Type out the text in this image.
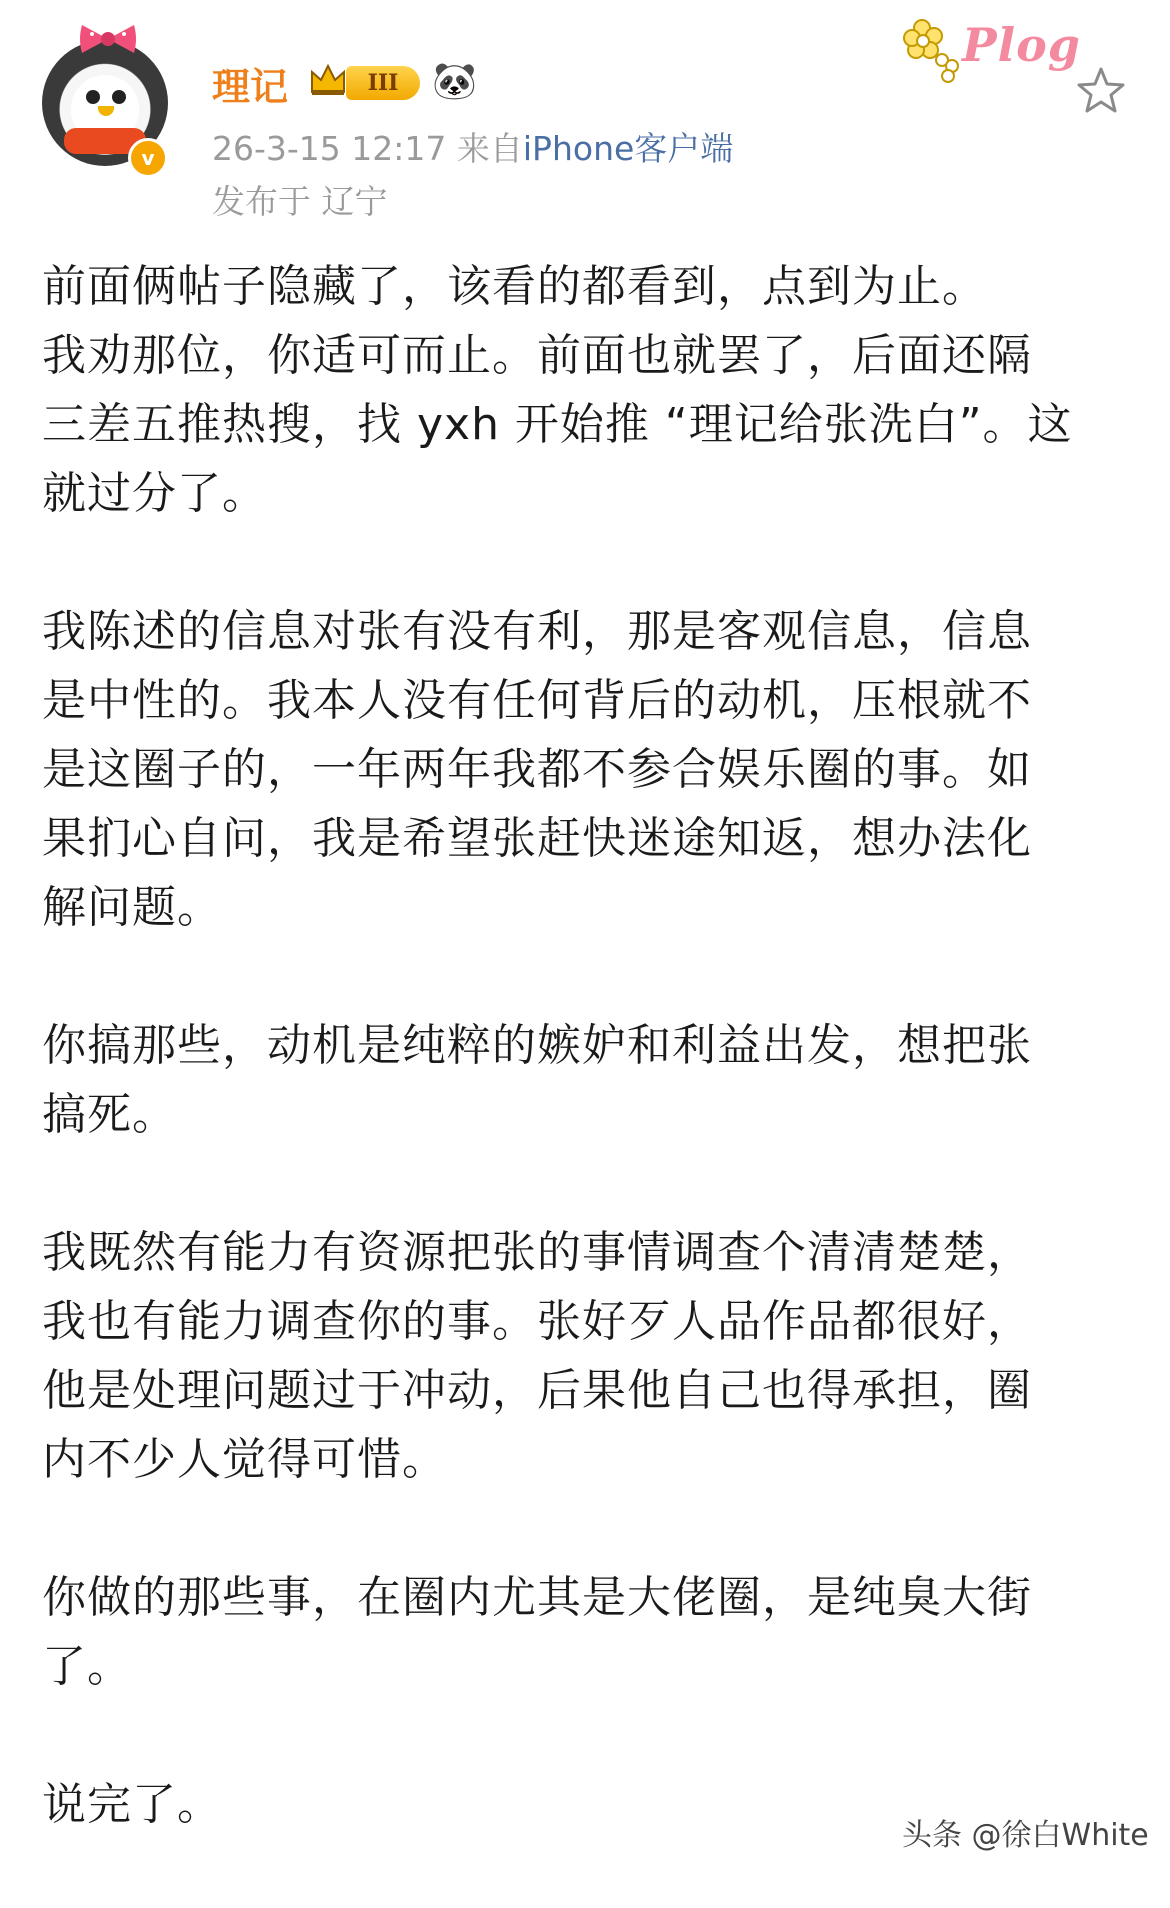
v
理记	III 🐼
26-3-15 12:17 来自iPhone客户端
发布于 辽宁
Plog

前面俩帖子隐藏了，该看的都看到，点到为止。
我劝那位，你适可而止。前面也就罢了，后面还隔
三差五推热搜，找 yxh 开始推 “理记给张洗白”。这
就过分了。

我陈述的信息对张有没有利，那是客观信息，信息
是中性的。我本人没有任何背后的动机，压根就不
是这圈子的，一年两年我都不参合娱乐圈的事。如
果扪心自问，我是希望张赶快迷途知返，想办法化
解问题。

你搞那些，动机是纯粹的嫉妒和利益出发，想把张
搞死。

我既然有能力有资源把张的事情调查个清清楚楚，
我也有能力调查你的事。张好歹人品作品都很好，
他是处理问题过于冲动，后果他自己也得承担，圈
内不少人觉得可惜。

你做的那些事，在圈内尤其是大佬圈，是纯臭大街
了。

说完了。

头条 @徐白White
